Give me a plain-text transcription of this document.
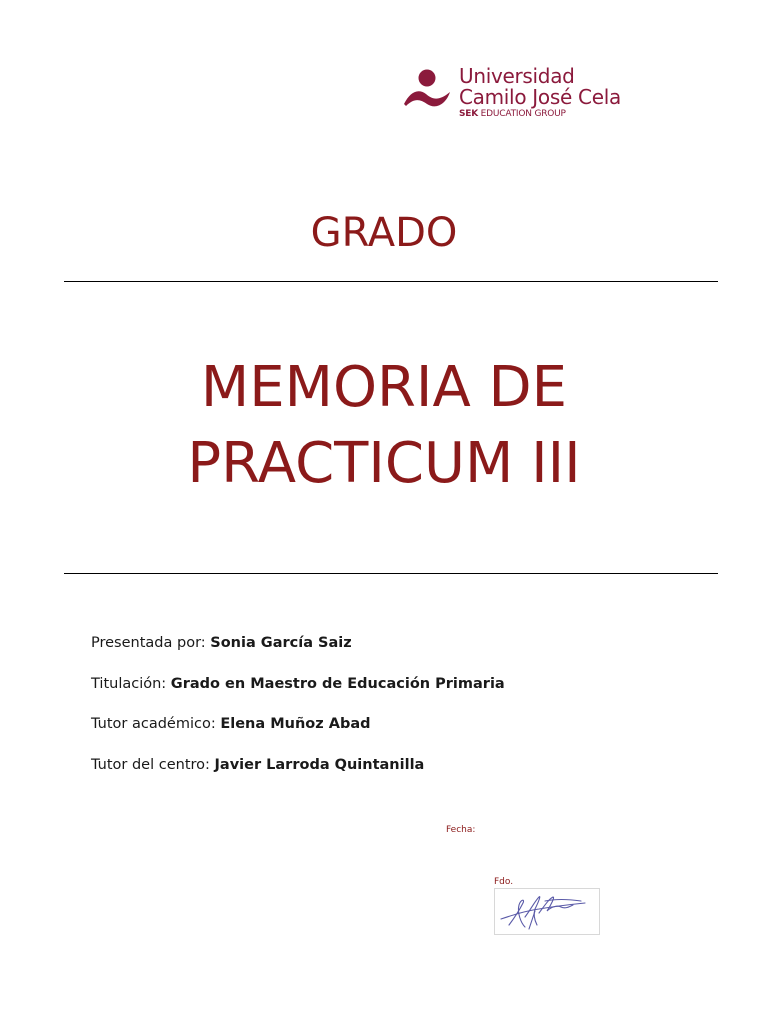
Universidad
Camilo José Cela
SEK EDUCATION GROUP
GRADO
MEMORIA DE
PRACTICUM III
Presentada por: Sonia García Saiz
Titulación: Grado en Maestro de Educación Primaria
Tutor académico: Elena Muñoz Abad
Tutor del centro: Javier Larroda Quintanilla
Fecha:
Fdo.
